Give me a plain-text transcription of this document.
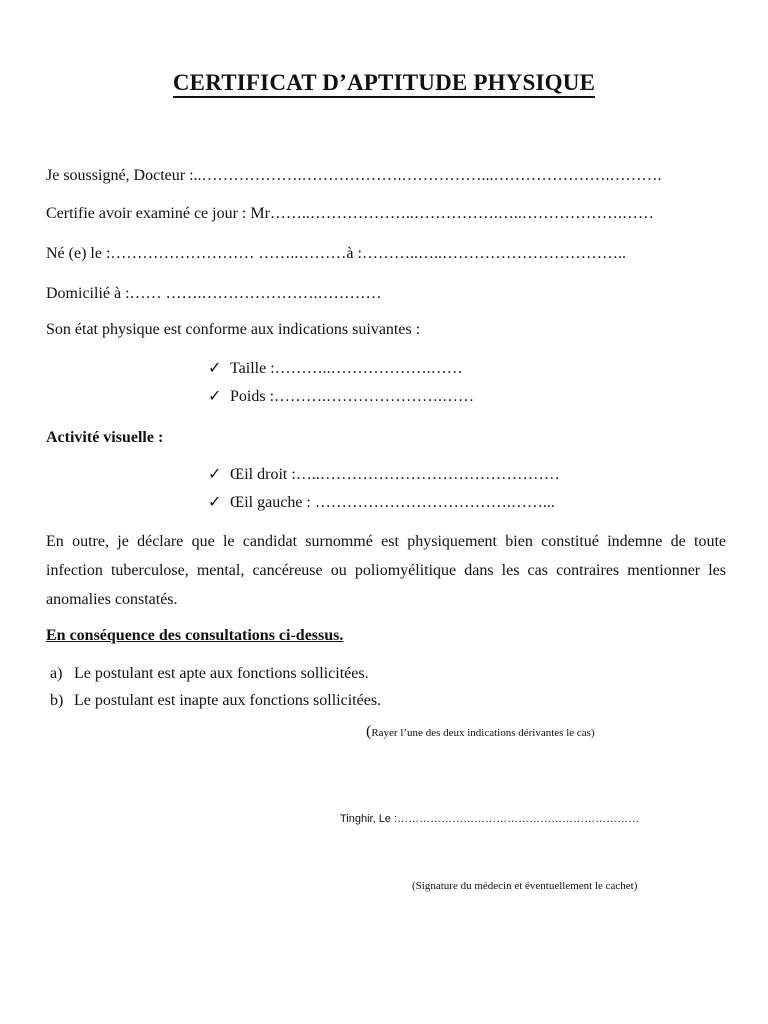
CERTIFICAT D’APTITUDE PHYSIQUE
Je soussigné, Docteur :..……………….……………….……………...………………….……….
Certifie avoir examiné ce jour : Mr……..………………..…………….…..……………….……
Né (e) le :……………………… ……..………à :………..…..……………………………..
Domicilié à :…… …….………………….…………
Son état physique est conforme aux indications suivantes :
✓ Taille :………..……………….……
✓ Poids :……….………………….……
Activité visuelle :
✓ Œil droit :…..………………………………………
✓ Œil gauche : ……………………………….……...
En outre, je déclare que le candidat surnommé est physiquement bien constitué indemne de toute infection tuberculose, mental, cancéreuse ou poliomyélitique dans les cas contraires mentionner les anomalies constatés.
En conséquence des consultations ci-dessus.
a) Le postulant est apte aux fonctions sollicitées.
b) Le postulant est inapte aux fonctions sollicitées.
(Rayer l’une des deux indications dérivantes le cas)
Tinghir, Le :…………………………………………………………
(Signature du médecin et éventuellement le cachet)
